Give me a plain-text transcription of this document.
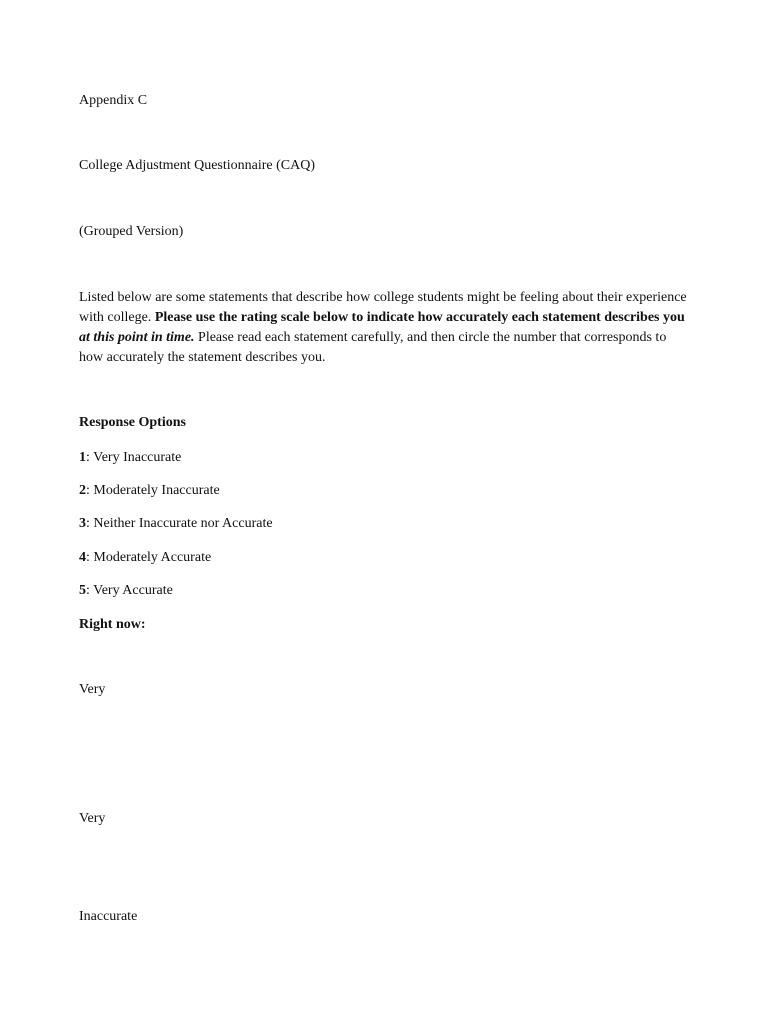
Appendix C
College Adjustment Questionnaire (CAQ)
(Grouped Version)
Listed below are some statements that describe how college students might be feeling about their experience with college. Please use the rating scale below to indicate how accurately each statement describes you at this point in time. Please read each statement carefully, and then circle the number that corresponds to how accurately the statement describes you.
Response Options
1: Very Inaccurate
2: Moderately Inaccurate
3: Neither Inaccurate nor Accurate
4: Moderately Accurate
5: Very Accurate
Right now:
Very
Very
Inaccurate
